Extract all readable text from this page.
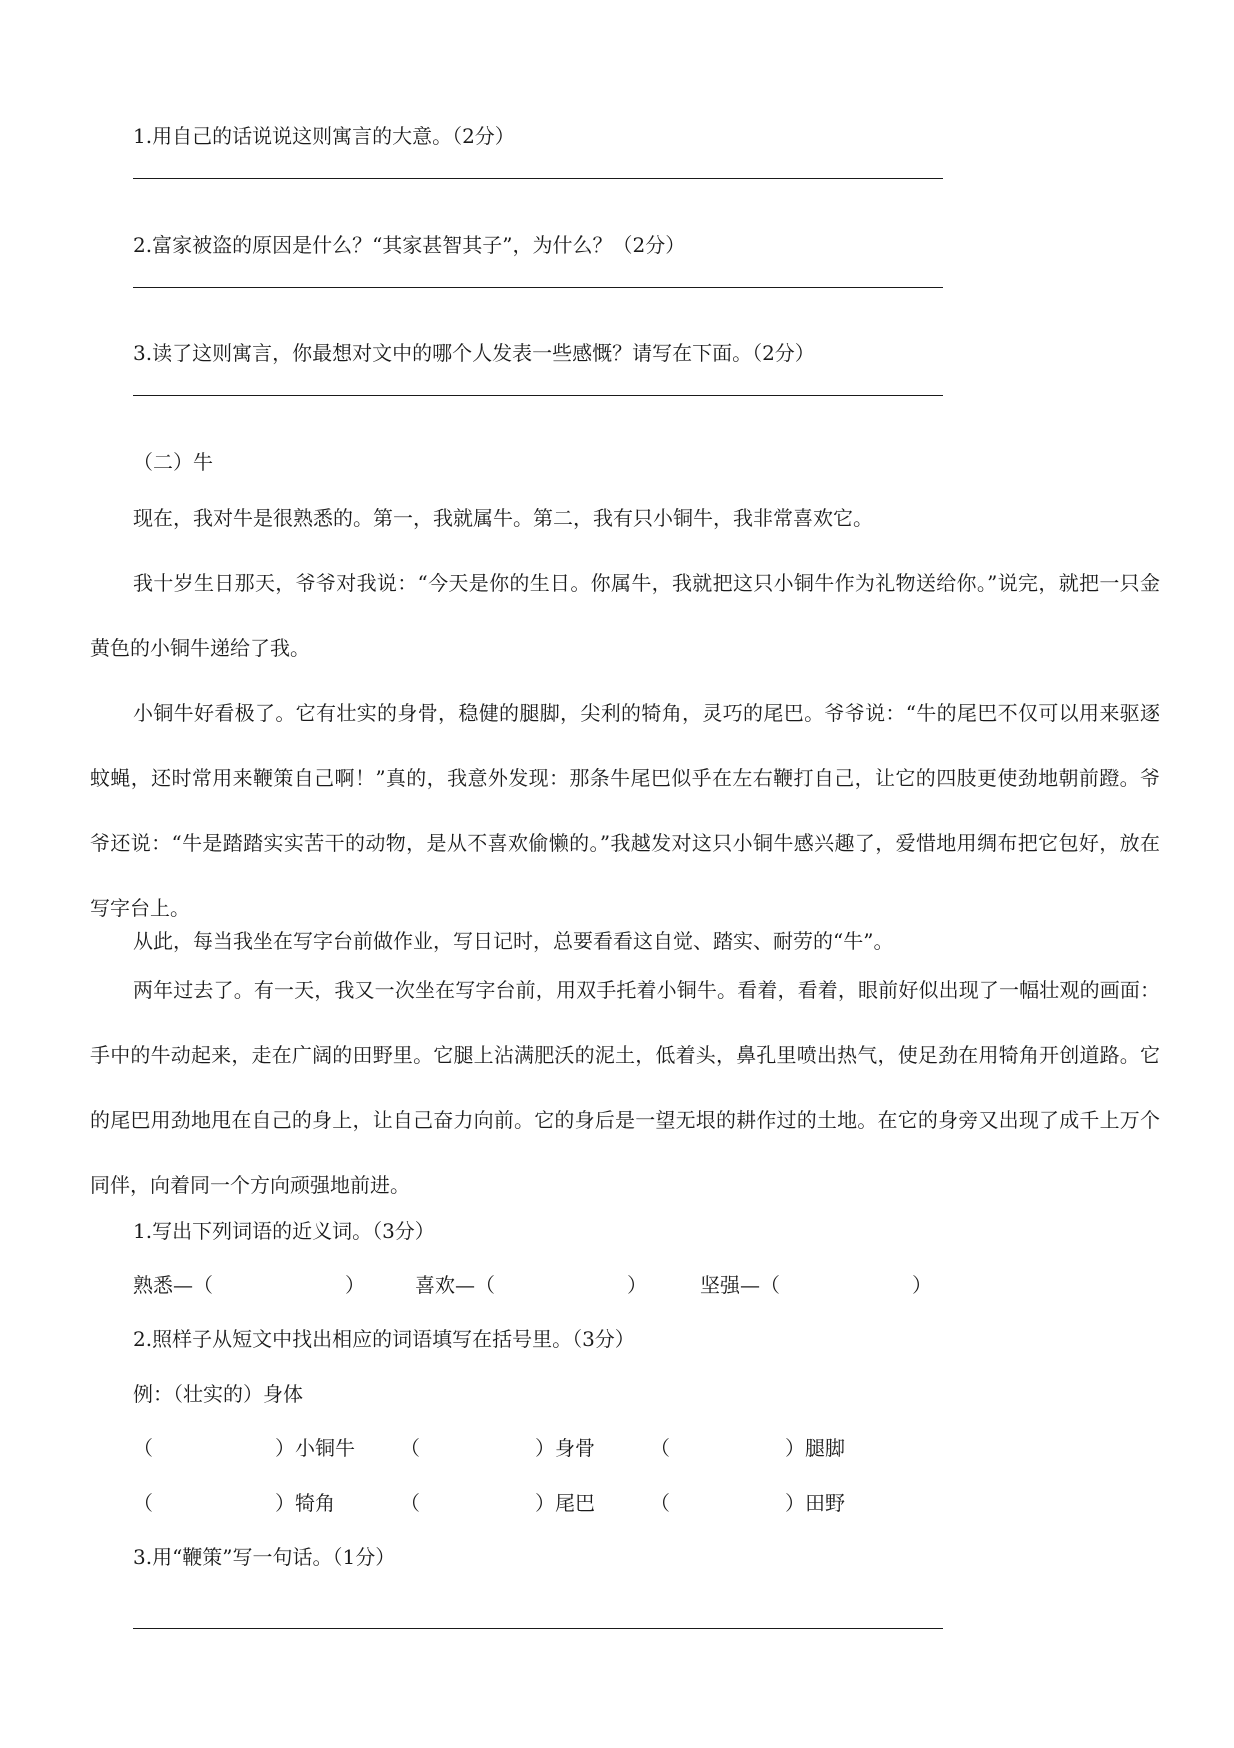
1.用自己的话说说这则寓言的大意。（2分）
2.富家被盗的原因是什么？“其家甚智其子”，为什么？（2分）
3.读了这则寓言，你最想对文中的哪个人发表一些感慨？请写在下面。（2分）
（二）牛

现在，我对牛是很熟悉的。第一，我就属牛。第二，我有只小铜牛，我非常喜欢它。

我十岁生日那天，爷爷对我说：“今天是你的生日。你属牛，我就把这只小铜牛作为礼物送给你。”说完，就把一只金黄色的小铜牛递给了我。

小铜牛好看极了。它有壮实的身骨，稳健的腿脚，尖利的犄角，灵巧的尾巴。爷爷说：“牛的尾巴不仅可以用来驱逐蚊蝇，还时常用来鞭策自己啊！”真的，我意外发现：那条牛尾巴似乎在左右鞭打自己，让它的四肢更使劲地朝前蹬。爷爷还说：“牛是踏踏实实苦干的动物，是从不喜欢偷懒的。”我越发对这只小铜牛感兴趣了，爱惜地用绸布把它包好，放在写字台上。

从此，每当我坐在写字台前做作业，写日记时，总要看看这自觉、踏实、耐劳的“牛”。

两年过去了。有一天，我又一次坐在写字台前，用双手托着小铜牛。看着，看着，眼前好似出现了一幅壮观的画面：手中的牛动起来，走在广阔的田野里。它腿上沾满肥沃的泥土，低着头，鼻孔里喷出热气，使足劲在用犄角开创道路。它的尾巴用劲地甩在自己的身上，让自己奋力向前。它的身后是一望无垠的耕作过的土地。在它的身旁又出现了成千上万个同伴，向着同一个方向顽强地前进。

1.写出下列词语的近义词。（3分）
熟悉—（	）	喜欢—（	）	坚强—（	）
2.照样子从短文中找出相应的词语填写在括号里。（3分）
例：（壮实的）身体
（	）小铜牛 （	）身骨	（	）腿脚
（	）犄角	（	）尾巴	（	）田野
3.用“鞭策”写一句话。（1分）
